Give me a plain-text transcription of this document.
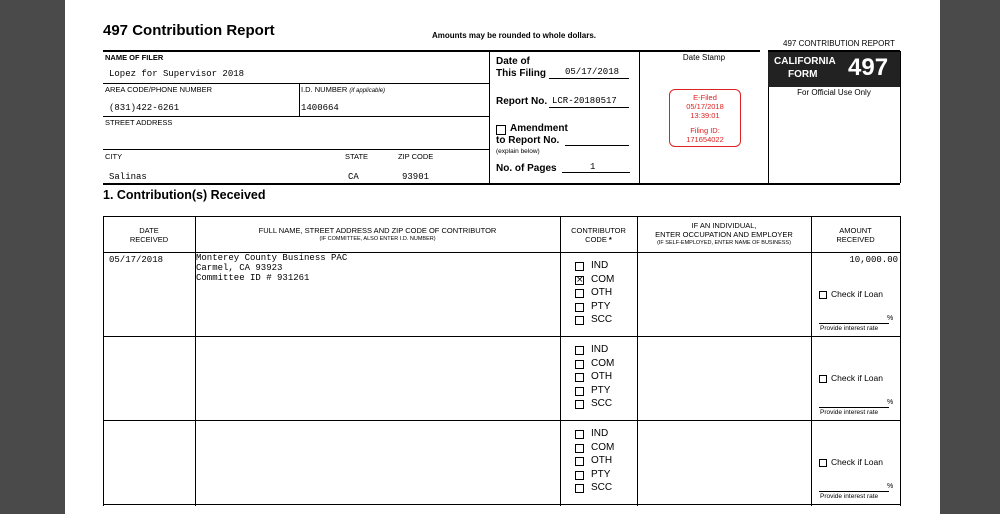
497 Contribution Report	Amounts may be rounded to whole dollars.
497 CONTRIBUTION REPORT
NAME OF FILER
Lopez for Supervisor 2018
AREA CODE/PHONE NUMBER	I.D. NUMBER (if applicable)
(831)422-6261	1400664
STREET ADDRESS
CITY	STATE	ZIP CODE
Salinas	CA	93901
Date of
This Filing 05/17/2018
Report No. LCR-20180517
Amendment
to Report No.
(explain below)
No. of Pages	1
Date Stamp
E-Filed
05/17/2018
13:39:01
Filing ID:
171654022
CALIFORNIA
FORM 497
For Official Use Only
1. Contribution(s) Received
DATE
RECEIVED
FULL NAME, STREET ADDRESS AND ZIP CODE OF CONTRIBUTOR
(IF COMMITTEE, ALSO ENTER I.D. NUMBER)
CONTRIBUTOR
CODE *
IF AN INDIVIDUAL,
ENTER OCCUPATION AND EMPLOYER
(IF SELF-EMPLOYED, ENTER NAME OF BUSINESS)
AMOUNT
RECEIVED
05/17/2018	Monterey County Business PAC
Carmel, CA 93923
Committee ID # 931261
IND
× COM
OTH
PTY
SCC
10,000.00
Check if Loan
%
Provide interest rate
IND
COM
OTH
PTY
SCC
Check if Loan
%
Provide interest rate
IND
COM
OTH
PTY
SCC
Check if Loan
%
Provide interest rate
